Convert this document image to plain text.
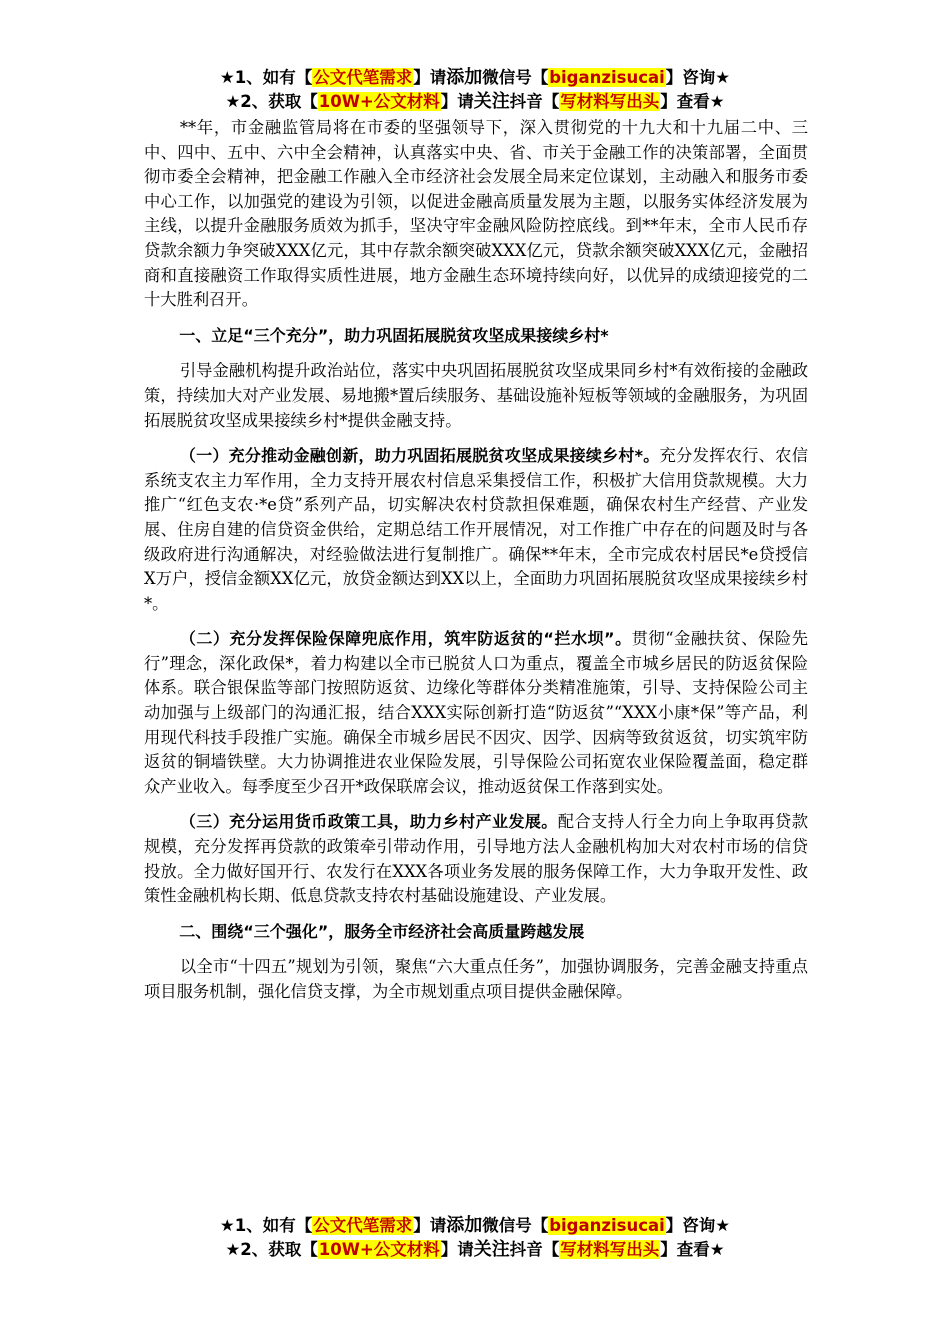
★1、如有【公文代笔需求】请添加微信号【biganzisucai】咨询★
★2、获取【10W+公文材料】请关注抖音【写材料写出头】查看★

**年，市金融监管局将在市委的坚强领导下，深入贯彻党的十九大和十九届二中、三中、四中、五中、六中全会精神，认真落实中央、省、市关于金融工作的决策部署，全面贯彻市委全会精神，把金融工作融入全市经济社会发展全局来定位谋划，主动融入和服务市委中心工作，以加强党的建设为引领，以促进金融高质量发展为主题，以服务实体经济发展为主线，以提升金融服务质效为抓手，坚决守牢金融风险防控底线。到**年末，全市人民币存贷款余额力争突破XXX亿元，其中存款余额突破XXX亿元，贷款余额突破XXX亿元，金融招商和直接融资工作取得实质性进展，地方金融生态环境持续向好，以优异的成绩迎接党的二十大胜利召开。

一、立足“三个充分”，助力巩固拓展脱贫攻坚成果接续乡村*

引导金融机构提升政治站位，落实中央巩固拓展脱贫攻坚成果同乡村*有效衔接的金融政策，持续加大对产业发展、易地搬*置后续服务、基础设施补短板等领域的金融服务，为巩固拓展脱贫攻坚成果接续乡村*提供金融支持。

（一）充分推动金融创新，助力巩固拓展脱贫攻坚成果接续乡村*。充分发挥农行、农信系统支农主力军作用，全力支持开展农村信息采集授信工作，积极扩大信用贷款规模。大力推广“红色支农·*e贷”系列产品，切实解决农村贷款担保难题，确保农村生产经营、产业发展、住房自建的信贷资金供给，定期总结工作开展情况，对工作推广中存在的问题及时与各级政府进行沟通解决，对经验做法进行复制推广。确保**年末，全市完成农村居民*e贷授信X万户，授信金额XX亿元，放贷金额达到XX以上，全面助力巩固拓展脱贫攻坚成果接续乡村*。

（二）充分发挥保险保障兜底作用，筑牢防返贫的“拦水坝”。贯彻“金融扶贫、保险先行”理念，深化政保*，着力构建以全市已脱贫人口为重点，覆盖全市城乡居民的防返贫保险体系。联合银保监等部门按照防返贫、边缘化等群体分类精准施策，引导、支持保险公司主动加强与上级部门的沟通汇报，结合XXX实际创新打造“防返贫”“XXX小康*保”等产品，利用现代科技手段推广实施。确保全市城乡居民不因灾、因学、因病等致贫返贫，切实筑牢防返贫的铜墙铁壁。大力协调推进农业保险发展，引导保险公司拓宽农业保险覆盖面，稳定群众产业收入。每季度至少召开*政保联席会议，推动返贫保工作落到实处。

（三）充分运用货币政策工具，助力乡村产业发展。配合支持人行全力向上争取再贷款规模，充分发挥再贷款的政策牵引带动作用，引导地方法人金融机构加大对农村市场的信贷投放。全力做好国开行、农发行在XXX各项业务发展的服务保障工作，大力争取开发性、政策性金融机构长期、低息贷款支持农村基础设施建设、产业发展。

二、围绕“三个强化”，服务全市经济社会高质量跨越发展

以全市“十四五”规划为引领，聚焦“六大重点任务”，加强协调服务，完善金融支持重点项目服务机制，强化信贷支撑，为全市规划重点项目提供金融保障。

★1、如有【公文代笔需求】请添加微信号【biganzisucai】咨询★
★2、获取【10W+公文材料】请关注抖音【写材料写出头】查看★
